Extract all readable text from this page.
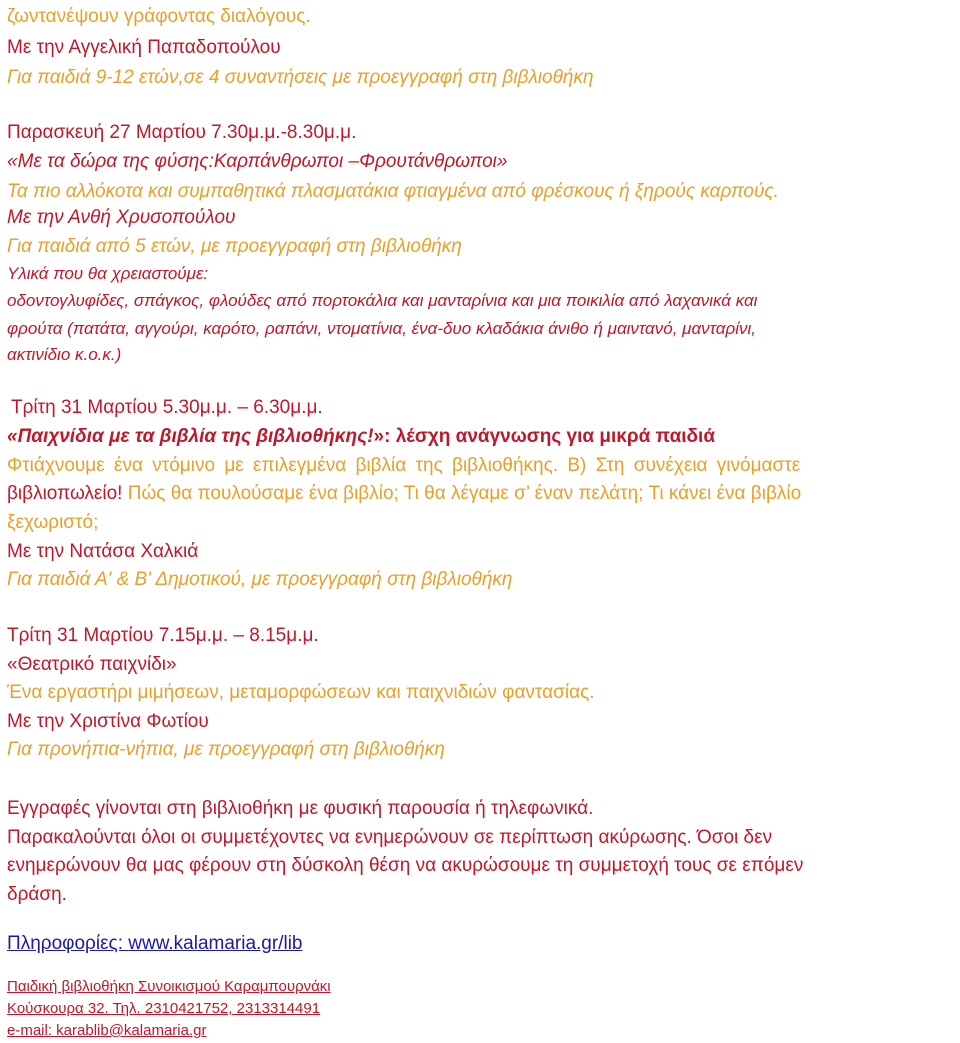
ζωντανέψουν γράφοντας διαλόγους.
Με την Αγγελική Παπαδοπούλου
Για παιδιά 9-12 ετών,σε 4 συναντήσεις με προεγγραφή στη βιβλιοθήκη
Παρασκευή 27 Μαρτίου 7.30μ.μ.-8.30μ.μ.
«Με τα δώρα της φύσης:Καρπάνθρωποι –Φρουτάνθρωποι»
Τα πιο αλλόκοτα και συμπαθητικά πλασματάκια φτιαγμένα από φρέσκους ή ξηρούς καρπούς.
Με την Ανθή Χρυσοπούλου
Για παιδιά από 5 ετών, με προεγγραφή στη βιβλιοθήκη
Υλικά που θα χρειαστούμε:
οδοντογλυφίδες, σπάγκος, φλούδες από πορτοκάλια και μανταρίνια και μια ποικιλία από λαχανικά και
φρούτα (πατάτα, αγγούρι, καρότο, ραπάνι, ντοματίνια, ένα-δυο κλαδάκια άνιθο ή μαιντανό, μανταρίνι,
ακτινίδιο κ.ο.κ.)
Τρίτη 31 Μαρτίου 5.30μ.μ. – 6.30μ.μ.
«Παιχνίδια με τα βιβλία της βιβλιοθήκης!»: λέσχη ανάγνωσης για μικρά παιδιά
Φτιάχνουμε ένα ντόμινο με επιλεγμένα βιβλία της βιβλιοθήκης. Β) Στη συνέχεια γινόμαστε
βιβλιοπωλείο! Πώς θα πουλούσαμε ένα βιβλίο; Τι θα λέγαμε σ’ έναν πελάτη; Τι κάνει ένα βιβλίο
ξεχωριστό;
Με την Νατάσα Χαλκιά
Για παιδιά Α' & Β' Δημοτικού, με προεγγραφή στη βιβλιοθήκη
Τρίτη 31 Μαρτίου 7.15μ.μ. – 8.15μ.μ.
«Θεατρικό παιχνίδι»
Ένα εργαστήρι μιμήσεων, μεταμορφώσεων και παιχνιδιών φαντασίας.
Με την Χριστίνα Φωτίου
Για προνήπια-νήπια, με προεγγραφή στη βιβλιοθήκη
Εγγραφές γίνονται στη βιβλιοθήκη με φυσική παρουσία ή τηλεφωνικά.
Παρακαλούνται όλοι οι συμμετέχοντες να ενημερώνουν σε περίπτωση ακύρωσης. Όσοι δεν
ενημερώνουν θα μας φέρουν στη δύσκολη θέση να ακυρώσουμε τη συμμετοχή τους σε επόμεν
δράση.
Πληροφορίες: www.kalamaria.gr/lib
Παιδική βιβλιοθήκη Συνοικισμού Καραμπουρνάκι
Κούσκουρα 32. Τηλ. 2310421752, 2313314491
e-mail: karablib@kalamaria.gr
